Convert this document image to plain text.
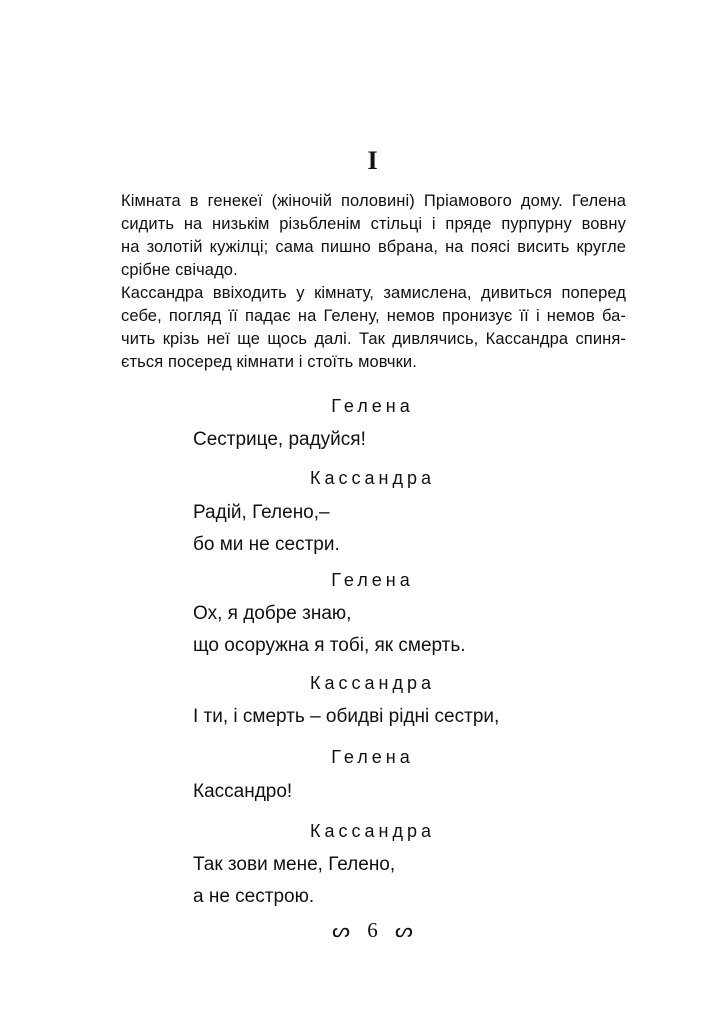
I
Кімната в генекеї (жіночій половині) Пріамового дому. Гелена
сидить на низькім різьбленім стільці і пряде пурпурну вовну
на золотій кужілці; сама пишно вбрана, на поясі висить кругле
срібне свічадо.
Кассандра ввіходить у кімнату, замислена, дивиться поперед
себе, погляд її падає на Гелену, немов пронизує її і немов ба-
чить крізь неї ще щось далі. Так дивлячись, Кассандра спиня-
ється посеред кімнати і стоїть мовчки.
Гелена
Сестрице, радуйся!
Кассандра
Радій, Гелено,–
бо ми не сестри.
Гелена
Ох, я добре знаю,
що осоружна я тобі, як смерть.
Кассандра
І ти, і смерть – обидві рідні сестри,
Гелена
Кассандро!
Кассандра
Так зови мене, Гелено,
а не сестрою.
ᔕ 6 ᔕ
